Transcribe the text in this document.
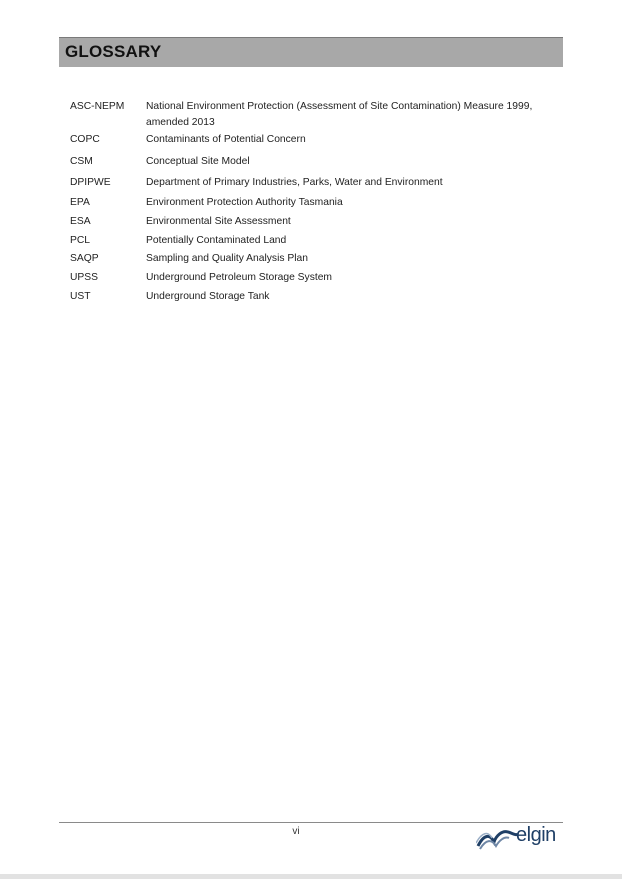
GLOSSARY
ASC-NEPM	National Environment Protection (Assessment of Site Contamination) Measure 1999, amended 2013
COPC	Contaminants of Potential Concern
CSM	Conceptual Site Model
DPIPWE	Department of Primary Industries, Parks, Water and Environment
EPA	Environment Protection Authority Tasmania
ESA	Environmental Site Assessment
PCL	Potentially Contaminated Land
SAQP	Sampling and Quality Analysis Plan
UPSS	Underground Petroleum Storage System
UST	Underground Storage Tank
vi	elgin
